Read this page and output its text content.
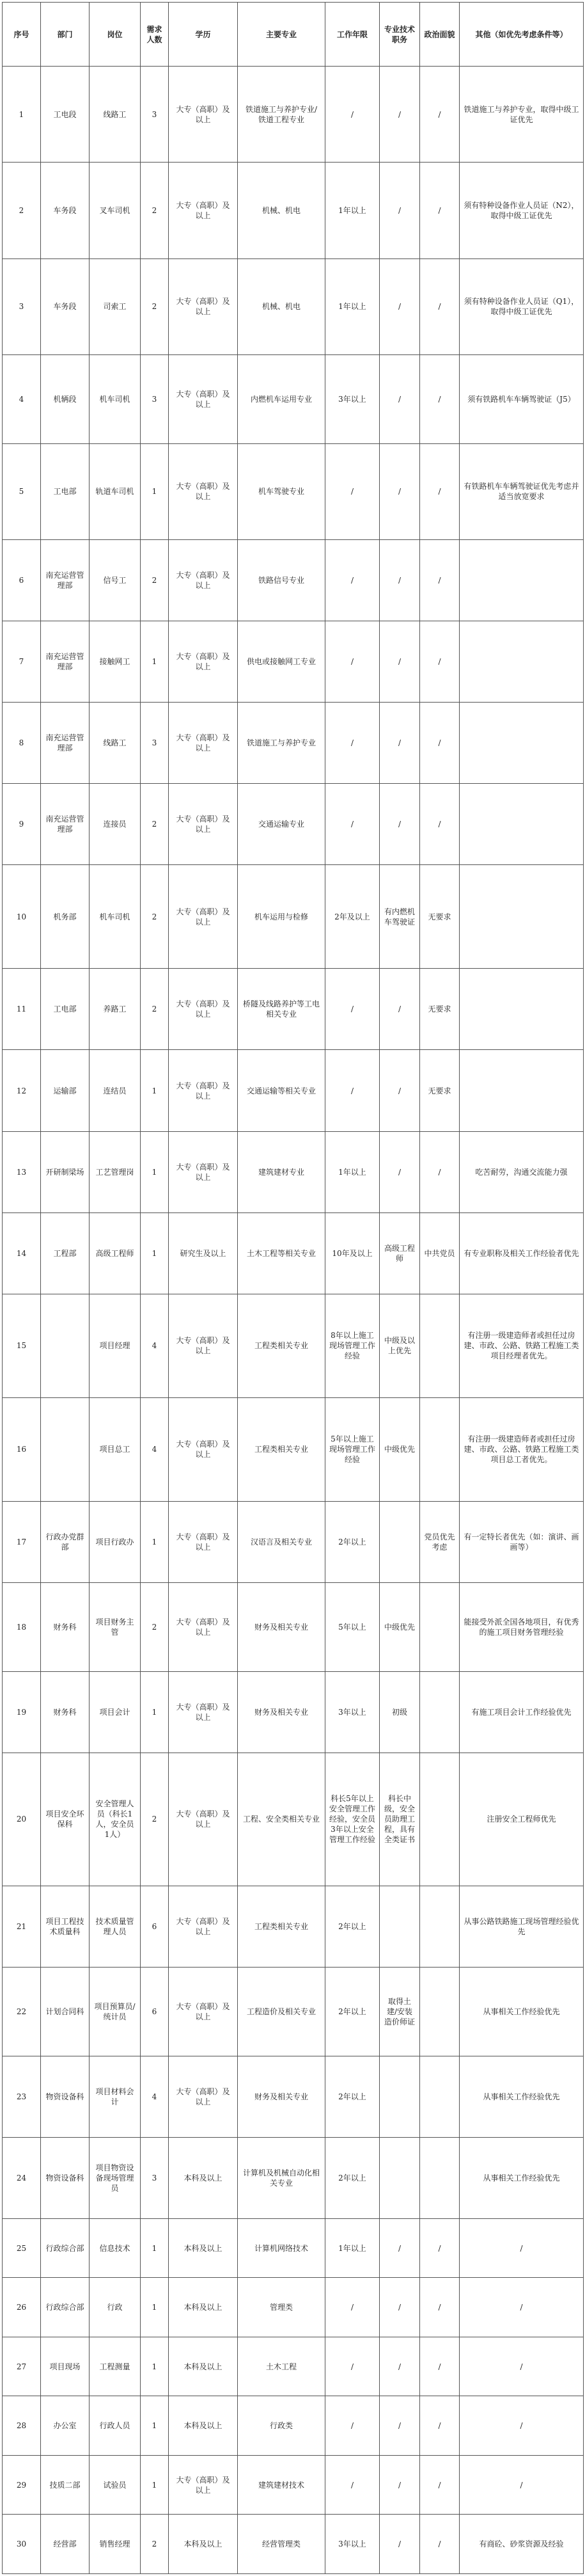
序号	部门	岗位	需求人数	学历	主要专业	工作年限	专业技术职务	政治面貌	其他（如优先考虑条件等）
1	工电段	线路工	3	大专（高职）及以上	铁道施工与养护专业/铁道工程专业	/	/	/	铁道施工与养护专业，取得中级工证优先
2	车务段	叉车司机	2	大专（高职）及以上	机械、机电	1年以上	/	/	须有特种设备作业人员证（N2），取得中级工证优先
3	车务段	司索工	2	大专（高职）及以上	机械、机电	1年以上	/	/	须有特种设备作业人员证（Q1），取得中级工证优先
4	机辆段	机车司机	3	大专（高职）及以上	内燃机车运用专业	3年以上	/	/	须有铁路机车车辆驾驶证（J5）
5	工电部	轨道车司机	1	大专（高职）及以上	机车驾驶专业	/	/	/	有铁路机车车辆驾驶证优先考虑并适当放宽要求
6	南充运营管理部	信号工	2	大专（高职）及以上	铁路信号专业	/	/	/	
7	南充运营管理部	接触网工	1	大专（高职）及以上	供电或接触网工专业	/	/	/	
8	南充运营管理部	线路工	3	大专（高职）及以上	铁道施工与养护专业	/	/	/	
9	南充运营管理部	连接员	2	大专（高职）及以上	交通运输专业	/	/	/	
10	机务部	机车司机	2	大专（高职）及以上	机车运用与检修	2年及以上	有内燃机车驾驶证	无要求	
11	工电部	养路工	2	大专（高职）及以上	桥隧及线路养护等工电相关专业	/	/	无要求	
12	运输部	连结员	1	大专（高职）及以上	交通运输等相关专业	/	/	无要求	
13	开研制梁场	工艺管理岗	1	大专（高职）及以上	建筑建材专业	1年以上	/	/	吃苦耐劳，沟通交流能力强
14	工程部	高级工程师	1	研究生及以上	土木工程等相关专业	10年及以上	高级工程师	中共党员	有专业职称及相关工作经验者优先
15		项目经理	4	大专（高职）及以上	工程类相关专业	8年以上施工现场管理工作经验	中级及以上优先		有注册一级建造师者或担任过房建、市政、公路、铁路工程施工类项目经理者优先。
16		项目总工	4	大专（高职）及以上	工程类相关专业	5年以上施工现场管理工作经验	中级优先		有注册一级建造师者或担任过房建、市政、公路、铁路工程施工类项目总工者优先。
17	行政办党群部	项目行政办	1	大专（高职）及以上	汉语言及相关专业	2年以上		党员优先考虑	有一定特长者优先（如：演讲、画画等）
18	财务科	项目财务主管	2	大专（高职）及以上	财务及相关专业	5年以上	中级优先		能接受外派全国各地项目，有优秀的施工项目财务管理经验
19	财务科	项目会计	1	大专（高职）及以上	财务及相关专业	3年以上	初级		有施工项目会计工作经验优先
20	项目安全环保科	安全管理人员（科长1人，安全员1人）	2	大专（高职）及以上	工程、安全类相关专业	科长5年以上安全管理工作经验，安全员3年以上安全管理工作经验	科长中级，安全员助理工程，具有全类证书		注册安全工程师优先
21	项目工程技术质量科	技术质量管理人员	6	大专（高职）及以上	工程类相关专业	2年以上			从事公路铁路施工现场管理经验优先
22	计划合同科	项目预算员/统计员	6	大专（高职）及以上	工程造价及相关专业	2年以上	取得土建/安装造价师证		从事相关工作经验优先
23	物资设备科	项目材料会计	4	大专（高职）及以上	财务及相关专业	2年以上			从事相关工作经验优先
24	物资设备科	项目物资设备现场管理员	3	本科及以上	计算机及机械自动化相关专业	2年以上			从事相关工作经验优先
25	行政综合部	信息技术	1	本科及以上	计算机网络技术	1年以上	/	/	/
26	行政综合部	行政	1	本科及以上	管理类	/	/	/	/
27	项目现场	工程测量	1	本科及以上	土木工程	/	/	/	/
28	办公室	行政人员	1	本科及以上	行政类	/	/	/	/
29	技质二部	试验员	1	大专（高职）及以上	建筑建材技术	/	/	/	/
30	经营部	销售经理	2	本科及以上	经营管理类	3年以上	/	/	有商砼、砂浆资源及经验
